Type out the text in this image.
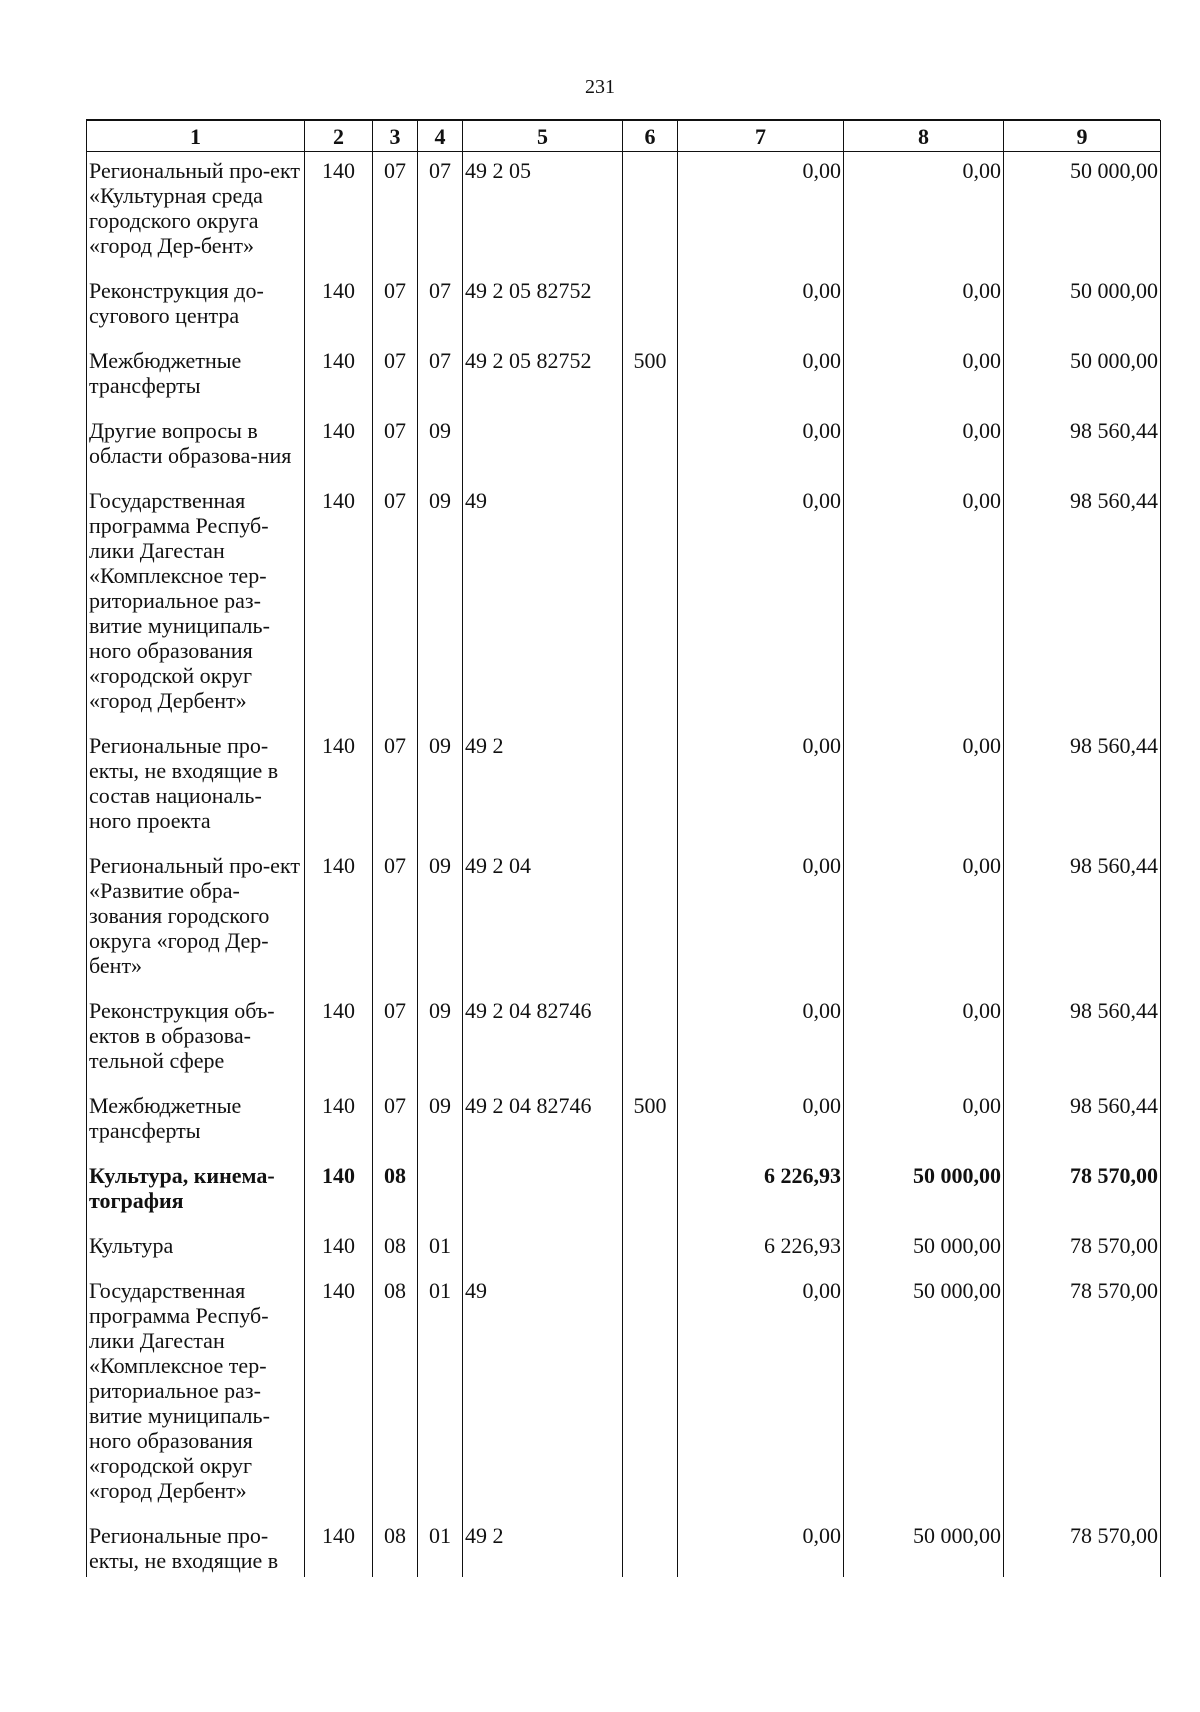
231
1	2	3	4	5	6	7	8	9
Региональный про-ект «Культурная среда городского округа «город Дер-бент»	140	07	07	49 2 05		0,00	0,00	50 000,00
Реконструкция до-сугового центра	140	07	07	49 2 05 82752		0,00	0,00	50 000,00
Межбюджетные трансферты	140	07	07	49 2 05 82752	500	0,00	0,00	50 000,00
Другие вопросы в области образова-ния	140	07	09			0,00	0,00	98 560,44
Государственная программа Респуб-лики Дагестан «Комплексное тер-риториальное раз-витие муниципаль-ного образования «городской округ «город Дербент»	140	07	09	49		0,00	0,00	98 560,44
Региональные про-екты, не входящие в состав националь-ного проекта	140	07	09	49 2		0,00	0,00	98 560,44
Региональный про-ект «Развитие обра-зования городского округа «город Дер-бент»	140	07	09	49 2 04		0,00	0,00	98 560,44
Реконструкция объ-ектов в образова-тельной сфере	140	07	09	49 2 04 82746		0,00	0,00	98 560,44
Межбюджетные трансферты	140	07	09	49 2 04 82746	500	0,00	0,00	98 560,44
Культура, кинема-тография	140	08				6 226,93	50 000,00	78 570,00
Культура	140	08	01			6 226,93	50 000,00	78 570,00
Государственная программа Респуб-лики Дагестан «Комплексное тер-риториальное раз-витие муниципаль-ного образования «городской округ «город Дербент»	140	08	01	49		0,00	50 000,00	78 570,00
Региональные про-екты, не входящие в	140	08	01	49 2		0,00	50 000,00	78 570,00
